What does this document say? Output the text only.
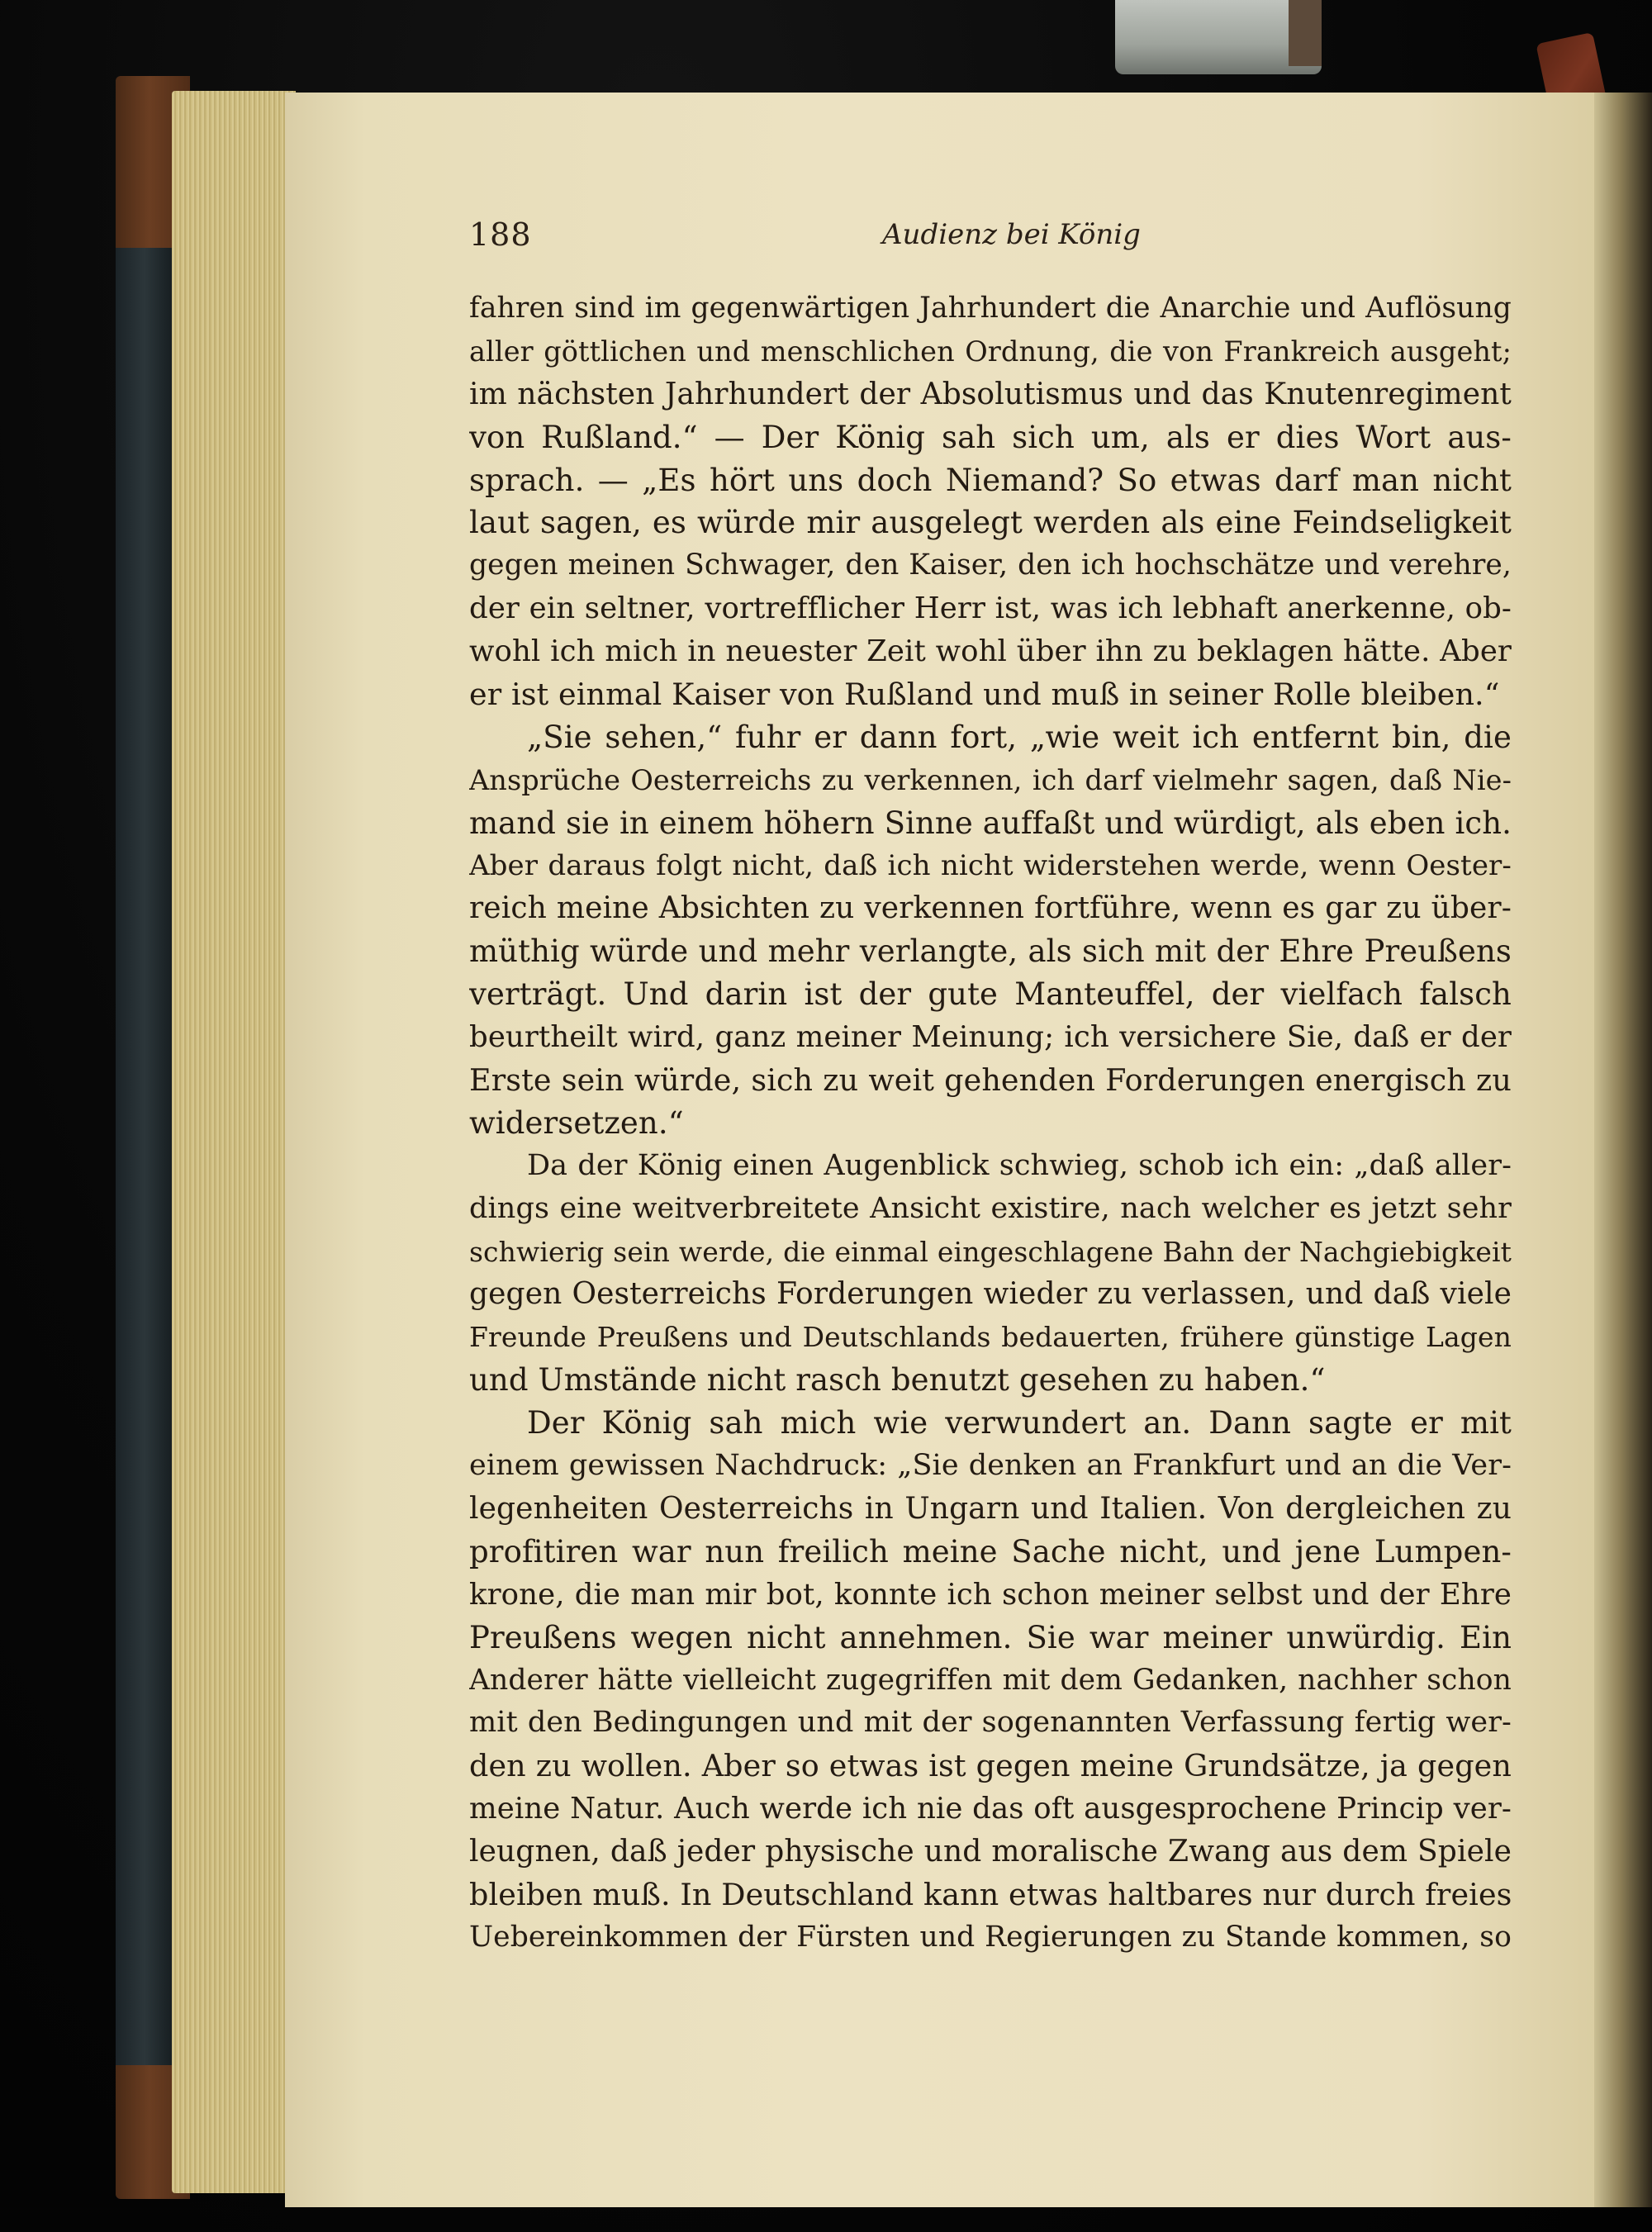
188	Audienz bei König
fahren sind im gegenwärtigen Jahrhundert die Anarchie und Auflösung
aller göttlichen und menschlichen Ordnung, die von Frankreich ausgeht;
im nächsten Jahrhundert der Absolutismus und das Knutenregiment
von Rußland.“ — Der König sah sich um, als er dies Wort aus-
sprach. — „Es hört uns doch Niemand? So etwas darf man nicht
laut sagen, es würde mir ausgelegt werden als eine Feindseligkeit
gegen meinen Schwager, den Kaiser, den ich hochschätze und verehre,
der ein seltner, vortrefflicher Herr ist, was ich lebhaft anerkenne, ob-
wohl ich mich in neuester Zeit wohl über ihn zu beklagen hätte. Aber
er ist einmal Kaiser von Rußland und muß in seiner Rolle bleiben.“
„Sie sehen,“ fuhr er dann fort, „wie weit ich entfernt bin, die
Ansprüche Oesterreichs zu verkennen, ich darf vielmehr sagen, daß Nie-
mand sie in einem höhern Sinne auffaßt und würdigt, als eben ich.
Aber daraus folgt nicht, daß ich nicht widerstehen werde, wenn Oester-
reich meine Absichten zu verkennen fortführe, wenn es gar zu über-
müthig würde und mehr verlangte, als sich mit der Ehre Preußens
verträgt. Und darin ist der gute Manteuffel, der vielfach falsch
beurtheilt wird, ganz meiner Meinung; ich versichere Sie, daß er der
Erste sein würde, sich zu weit gehenden Forderungen energisch zu
widersetzen.“
Da der König einen Augenblick schwieg, schob ich ein: „daß aller-
dings eine weitverbreitete Ansicht existire, nach welcher es jetzt sehr
schwierig sein werde, die einmal eingeschlagene Bahn der Nachgiebigkeit
gegen Oesterreichs Forderungen wieder zu verlassen, und daß viele
Freunde Preußens und Deutschlands bedauerten, frühere günstige Lagen
und Umstände nicht rasch benutzt gesehen zu haben.“
Der König sah mich wie verwundert an. Dann sagte er mit
einem gewissen Nachdruck: „Sie denken an Frankfurt und an die Ver-
legenheiten Oesterreichs in Ungarn und Italien. Von dergleichen zu
profitiren war nun freilich meine Sache nicht, und jene Lumpen-
krone, die man mir bot, konnte ich schon meiner selbst und der Ehre
Preußens wegen nicht annehmen. Sie war meiner unwürdig. Ein
Anderer hätte vielleicht zugegriffen mit dem Gedanken, nachher schon
mit den Bedingungen und mit der sogenannten Verfassung fertig wer-
den zu wollen. Aber so etwas ist gegen meine Grundsätze, ja gegen
meine Natur. Auch werde ich nie das oft ausgesprochene Princip ver-
leugnen, daß jeder physische und moralische Zwang aus dem Spiele
bleiben muß. In Deutschland kann etwas haltbares nur durch freies
Uebereinkommen der Fürsten und Regierungen zu Stande kommen, so
